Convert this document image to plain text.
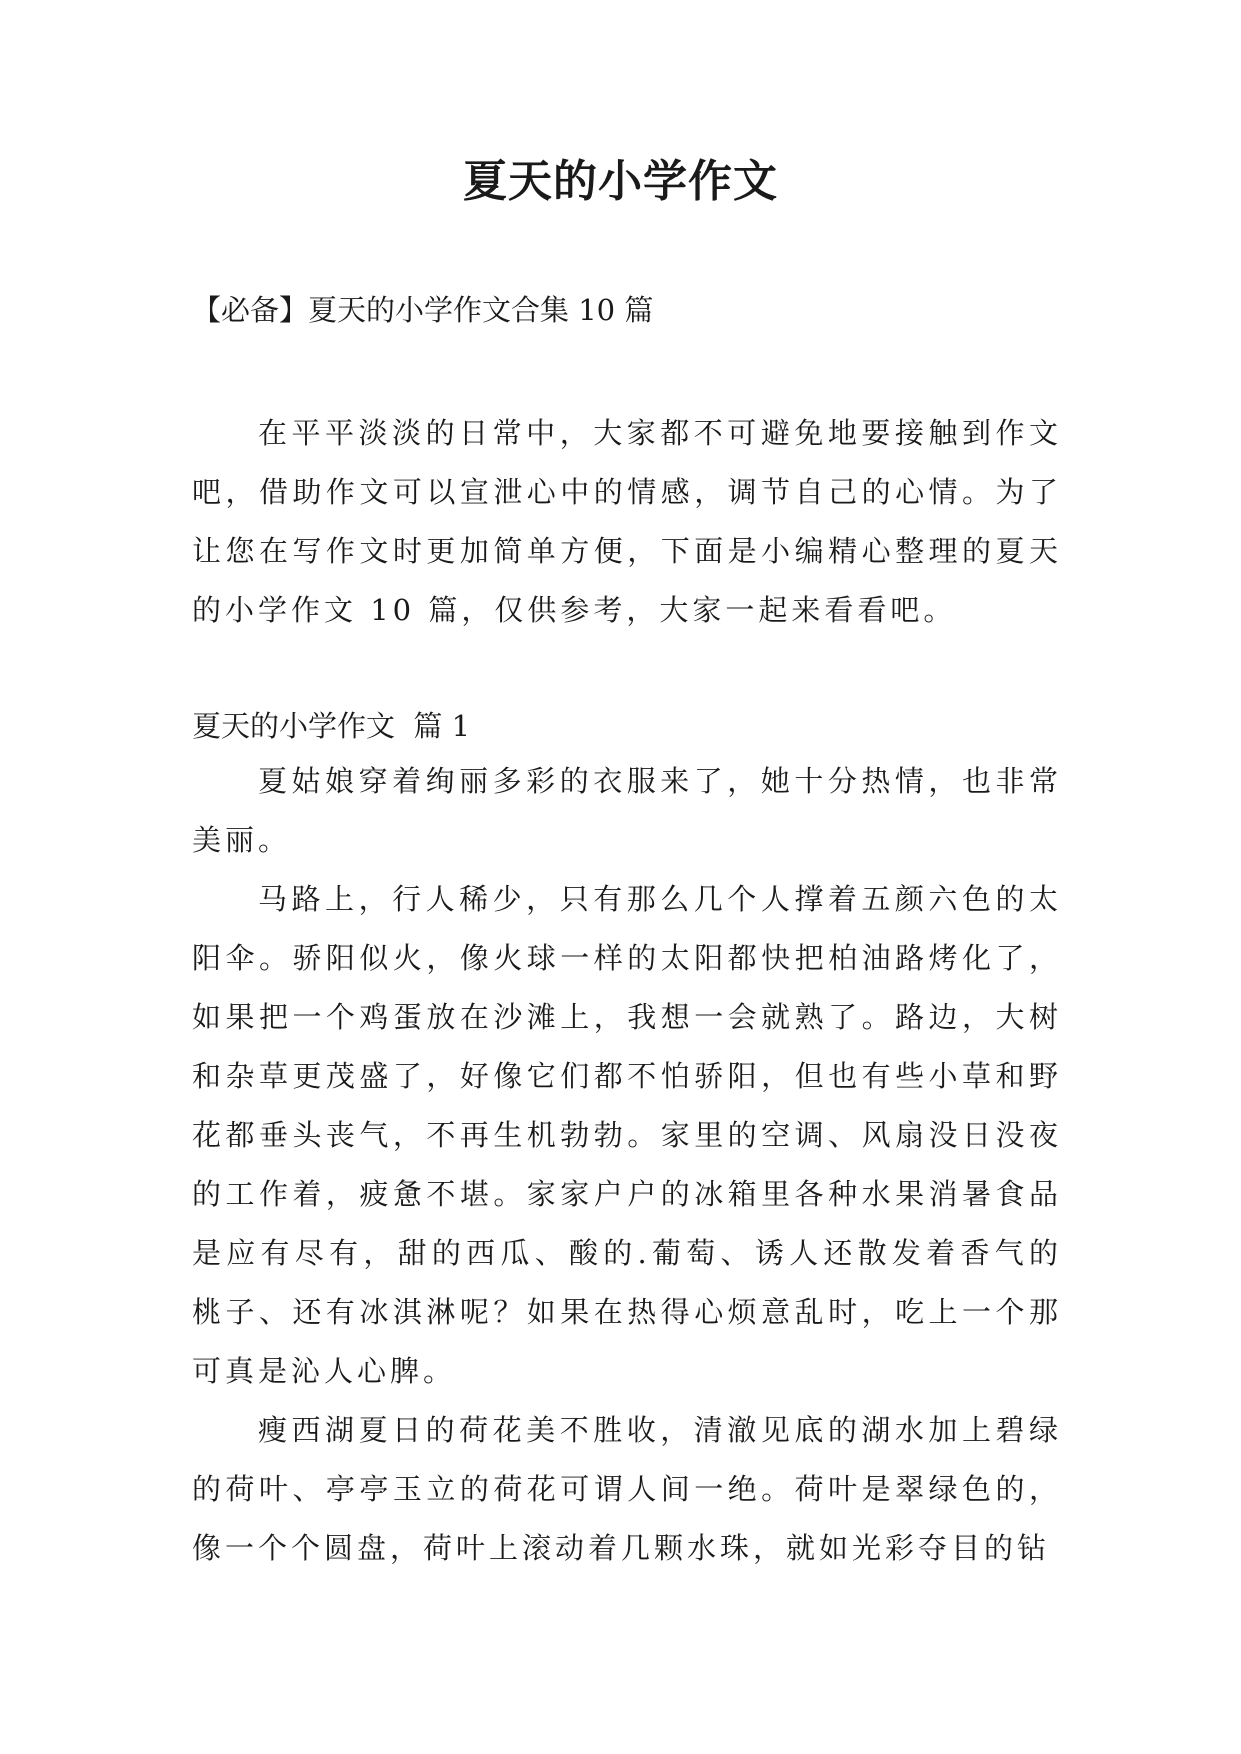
夏天的小学作文

【必备】夏天的小学作文合集 10 篇

在平平淡淡的日常中，大家都不可避免地要接触到作文吧，借助作文可以宣泄心中的情感，调节自己的心情。为了让您在写作文时更加简单方便，下面是小编精心整理的夏天的小学作文 10 篇，仅供参考，大家一起来看看吧。

夏天的小学作文  篇 1

夏姑娘穿着绚丽多彩的衣服来了，她十分热情，也非常美丽。

马路上，行人稀少，只有那么几个人撑着五颜六色的太阳伞。骄阳似火，像火球一样的太阳都快把柏油路烤化了，如果把一个鸡蛋放在沙滩上，我想一会就熟了。路边，大树和杂草更茂盛了，好像它们都不怕骄阳，但也有些小草和野花都垂头丧气，不再生机勃勃。家里的空调、风扇没日没夜的工作着，疲惫不堪。家家户户的冰箱里各种水果消暑食品是应有尽有，甜的西瓜、酸的.葡萄、诱人还散发着香气的桃子、还有冰淇淋呢？如果在热得心烦意乱时，吃上一个那可真是沁人心脾。

瘦西湖夏日的荷花美不胜收，清澈见底的湖水加上碧绿的荷叶、亭亭玉立的荷花可谓人间一绝。荷叶是翠绿色的，像一个个圆盘，荷叶上滚动着几颗水珠，就如光彩夺目的钻
